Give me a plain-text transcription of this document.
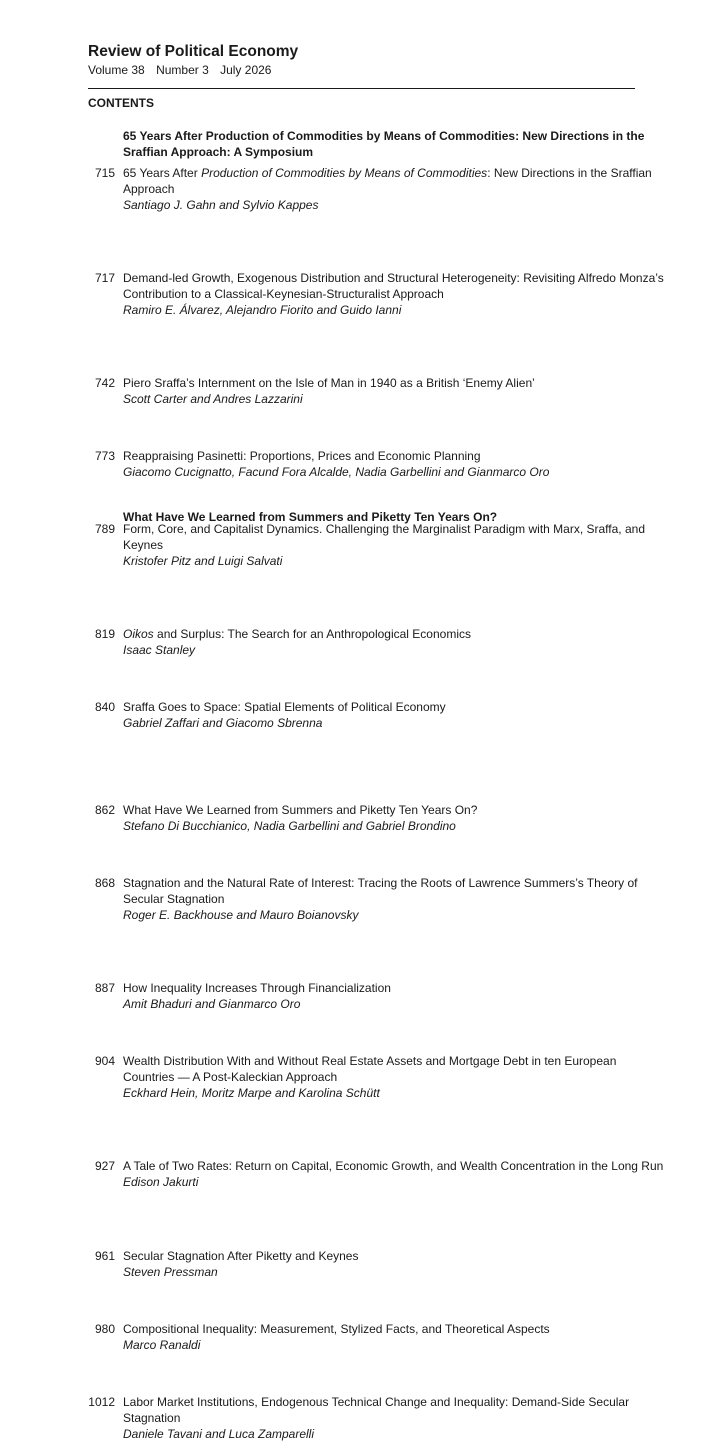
Review of Political Economy
Volume 38 Number 3 July 2026
CONTENTS
65 Years After Production of Commodities by Means of Commodities: New Directions in the Sraffian Approach: A Symposium
715 65 Years After Production of Commodities by Means of Commodities: New Directions in the Sraffian Approach
Santiago J. Gahn and Sylvio Kappes
717 Demand-led Growth, Exogenous Distribution and Structural Heterogeneity: Revisiting Alfredo Monza’s Contribution to a Classical-Keynesian-Structuralist Approach
Ramiro E. Álvarez, Alejandro Fiorito and Guido Ianni
742 Piero Sraffa’s Internment on the Isle of Man in 1940 as a British ‘Enemy Alien’
Scott Carter and Andres Lazzarini
773 Reappraising Pasinetti: Proportions, Prices and Economic Planning
Giacomo Cucignatto, Facund Fora Alcalde, Nadia Garbellini and Gianmarco Oro
789 Form, Core, and Capitalist Dynamics. Challenging the Marginalist Paradigm with Marx, Sraffa, and Keynes
Kristofer Pitz and Luigi Salvati
819 Oikos and Surplus: The Search for an Anthropological Economics
Isaac Stanley
840 Sraffa Goes to Space: Spatial Elements of Political Economy
Gabriel Zaffari and Giacomo Sbrenna
What Have We Learned from Summers and Piketty Ten Years On?
862 What Have We Learned from Summers and Piketty Ten Years On?
Stefano Di Bucchianico, Nadia Garbellini and Gabriel Brondino
868 Stagnation and the Natural Rate of Interest: Tracing the Roots of Lawrence Summers’s Theory of Secular Stagnation
Roger E. Backhouse and Mauro Boianovsky
887 How Inequality Increases Through Financialization
Amit Bhaduri and Gianmarco Oro
904 Wealth Distribution With and Without Real Estate Assets and Mortgage Debt in ten European Countries — A Post-Kaleckian Approach
Eckhard Hein, Moritz Marpe and Karolina Schütt
927 A Tale of Two Rates: Return on Capital, Economic Growth, and Wealth Concentration in the Long Run
Edison Jakurti
961 Secular Stagnation After Piketty and Keynes
Steven Pressman
980 Compositional Inequality: Measurement, Stylized Facts, and Theoretical Aspects
Marco Ranaldi
1012 Labor Market Institutions, Endogenous Technical Change and Inequality: Demand-Side Secular Stagnation
Daniele Tavani and Luca Zamparelli
